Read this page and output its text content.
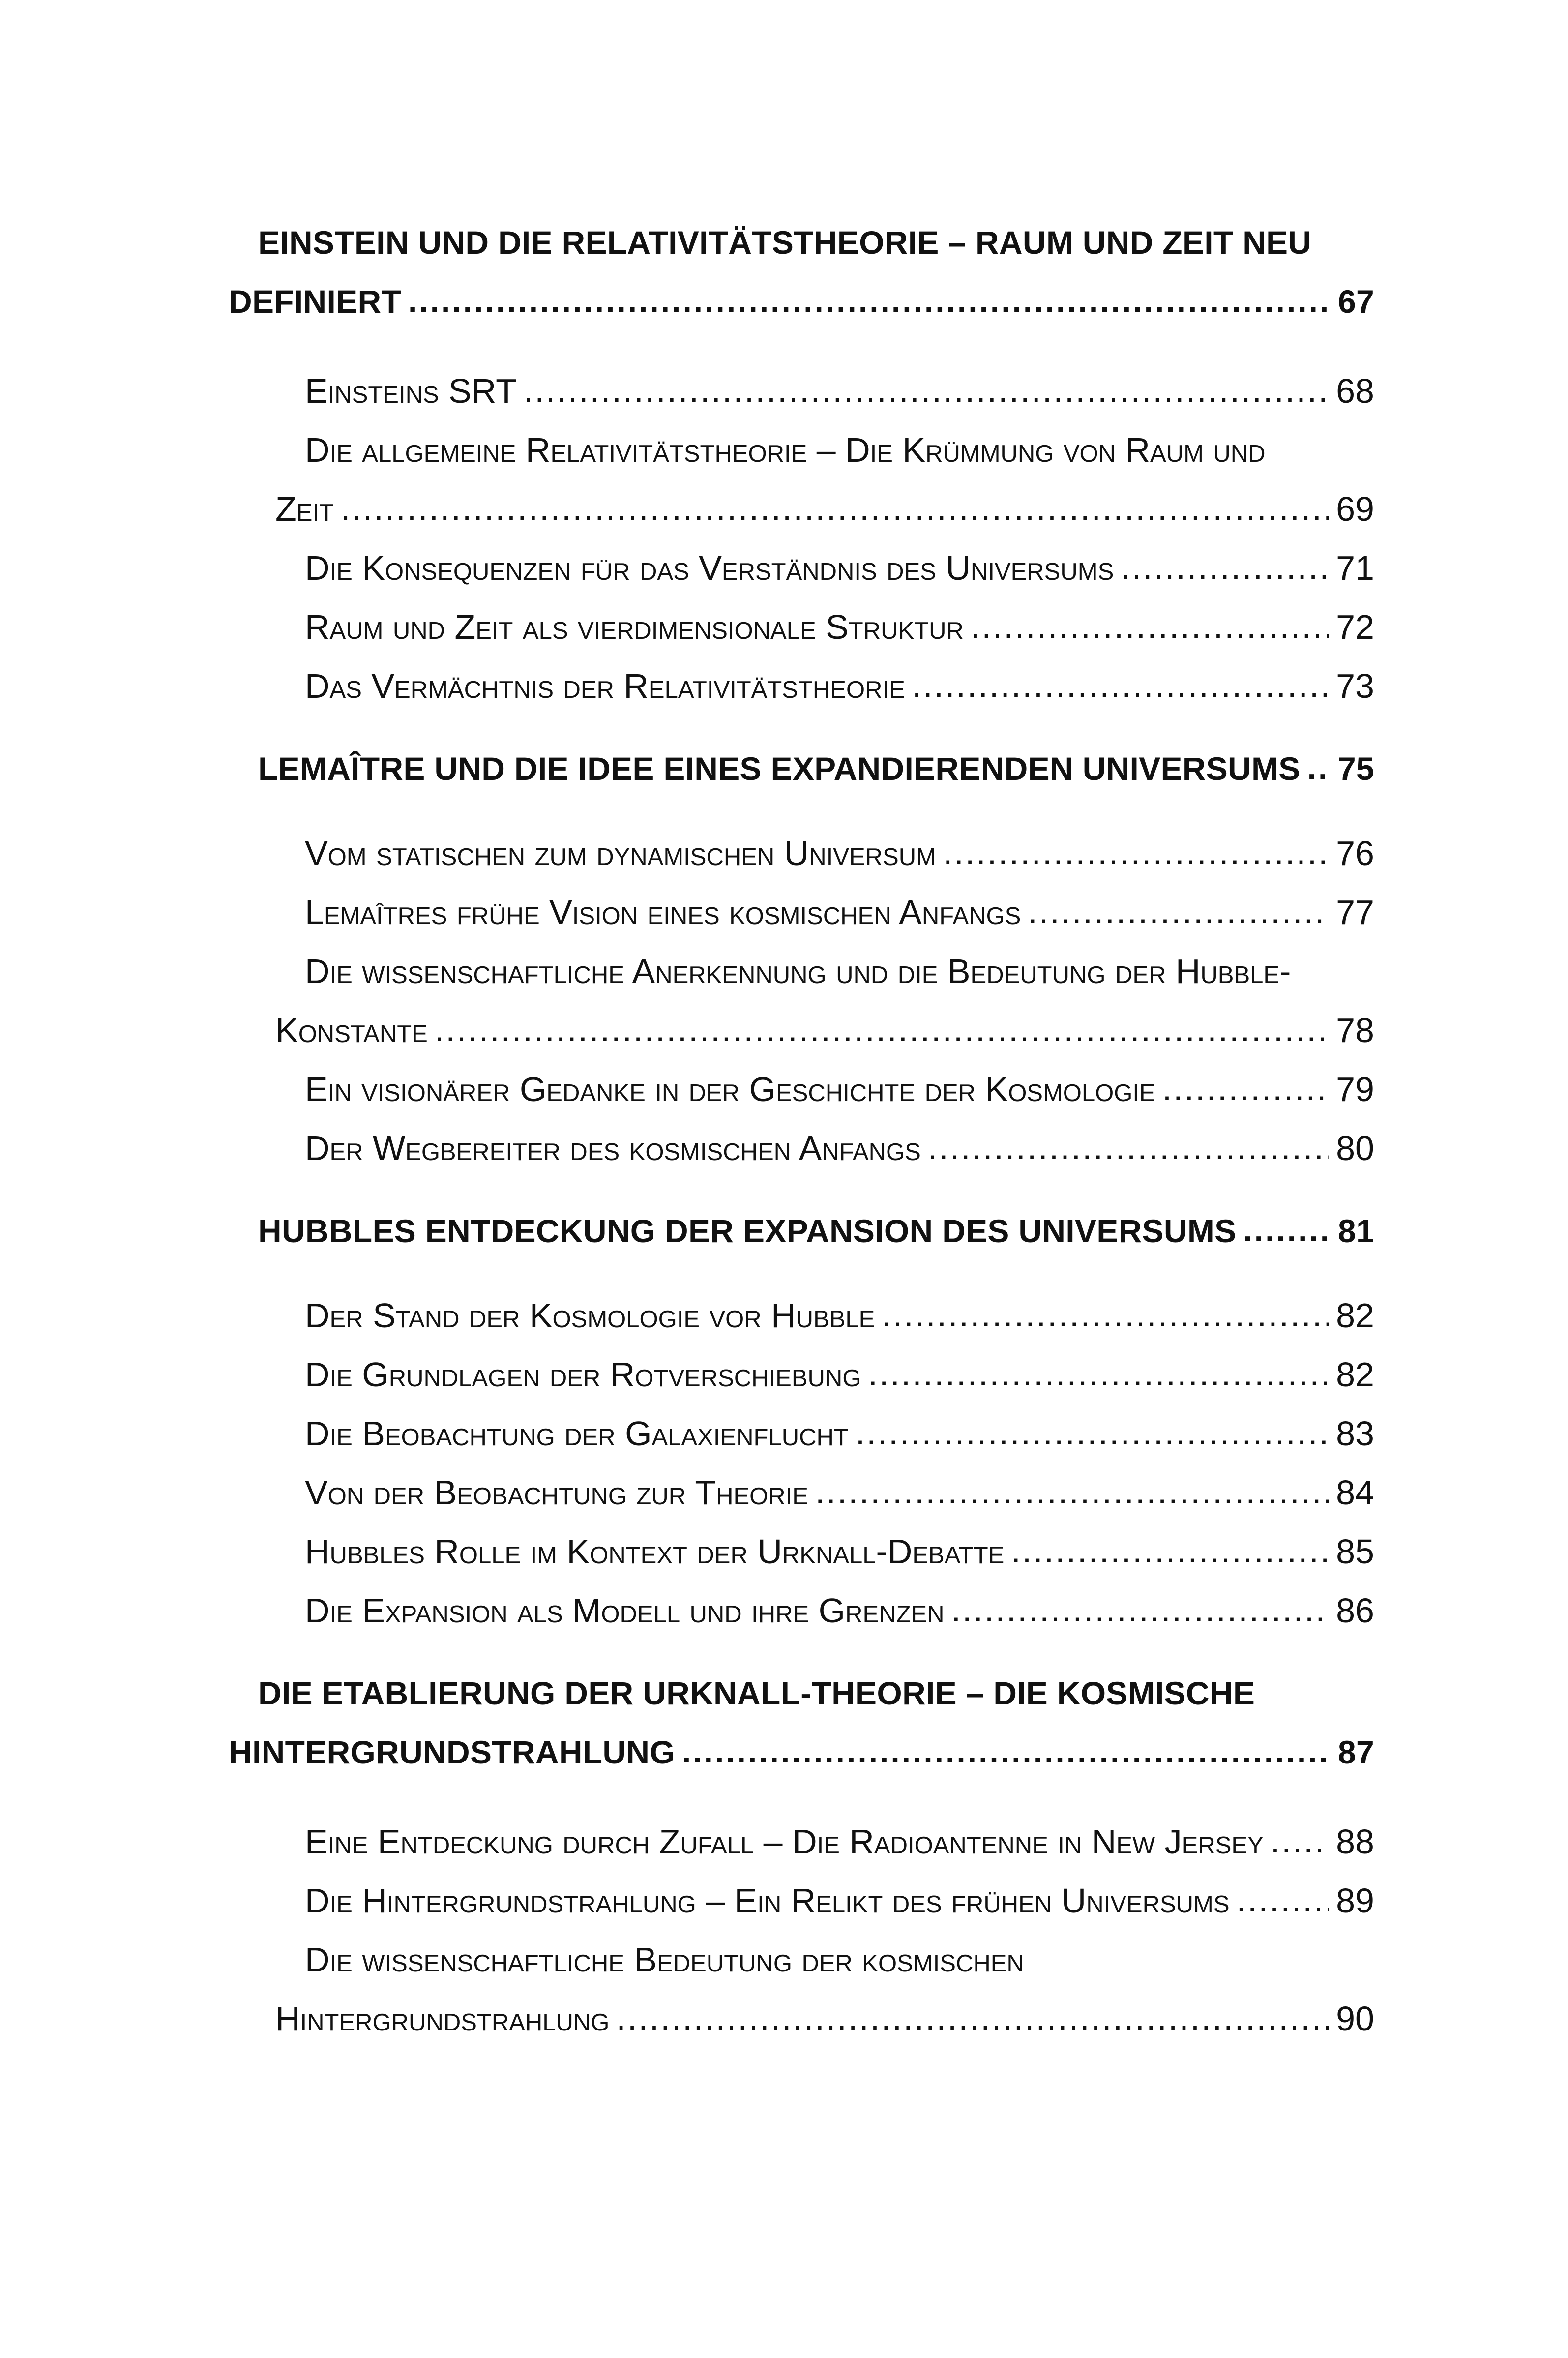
EINSTEIN UND DIE RELATIVITÄTSTHEORIE – RAUM UND ZEIT NEU
DEFINIERT .....	67
Einsteins SRT .....	68
Die allgemeine Relativitätstheorie – Die Krümmung von Raum und
Zeit .....	69
Die Konsequenzen für das Verständnis des Universums .....	71
Raum und Zeit als vierdimensionale Struktur .....	72
Das Vermächtnis der Relativitätstheorie .....	73
LEMAÎTRE UND DIE IDEE EINES EXPANDIERENDEN UNIVERSUMS ..... 75
Vom statischen zum dynamischen Universum .....	76
Lemaîtres frühe Vision eines kosmischen Anfangs .....	77
Die wissenschaftliche Anerkennung und die Bedeutung der Hubble-
Konstante .....	78
Ein visionärer Gedanke in der Geschichte der Kosmologie .....	79
Der Wegbereiter des kosmischen Anfangs .....	80
HUBBLES ENTDECKUNG DER EXPANSION DES UNIVERSUMS .....	81
Der Stand der Kosmologie vor Hubble .....	82
Die Grundlagen der Rotverschiebung .....	82
Die Beobachtung der Galaxienflucht .....	83
Von der Beobachtung zur Theorie .....	84
Hubbles Rolle im Kontext der Urknall-Debatte .....	85
Die Expansion als Modell und ihre Grenzen .....	86
DIE ETABLIERUNG DER URKNALL-THEORIE – DIE KOSMISCHE
HINTERGRUNDSTRAHLUNG .....	87
Eine Entdeckung durch Zufall – Die Radioantenne in New Jersey ..... 88
Die Hintergrundstrahlung – Ein Relikt des frühen Universums .....	89
Die wissenschaftliche Bedeutung der kosmischen
Hintergrundstrahlung .....	90
